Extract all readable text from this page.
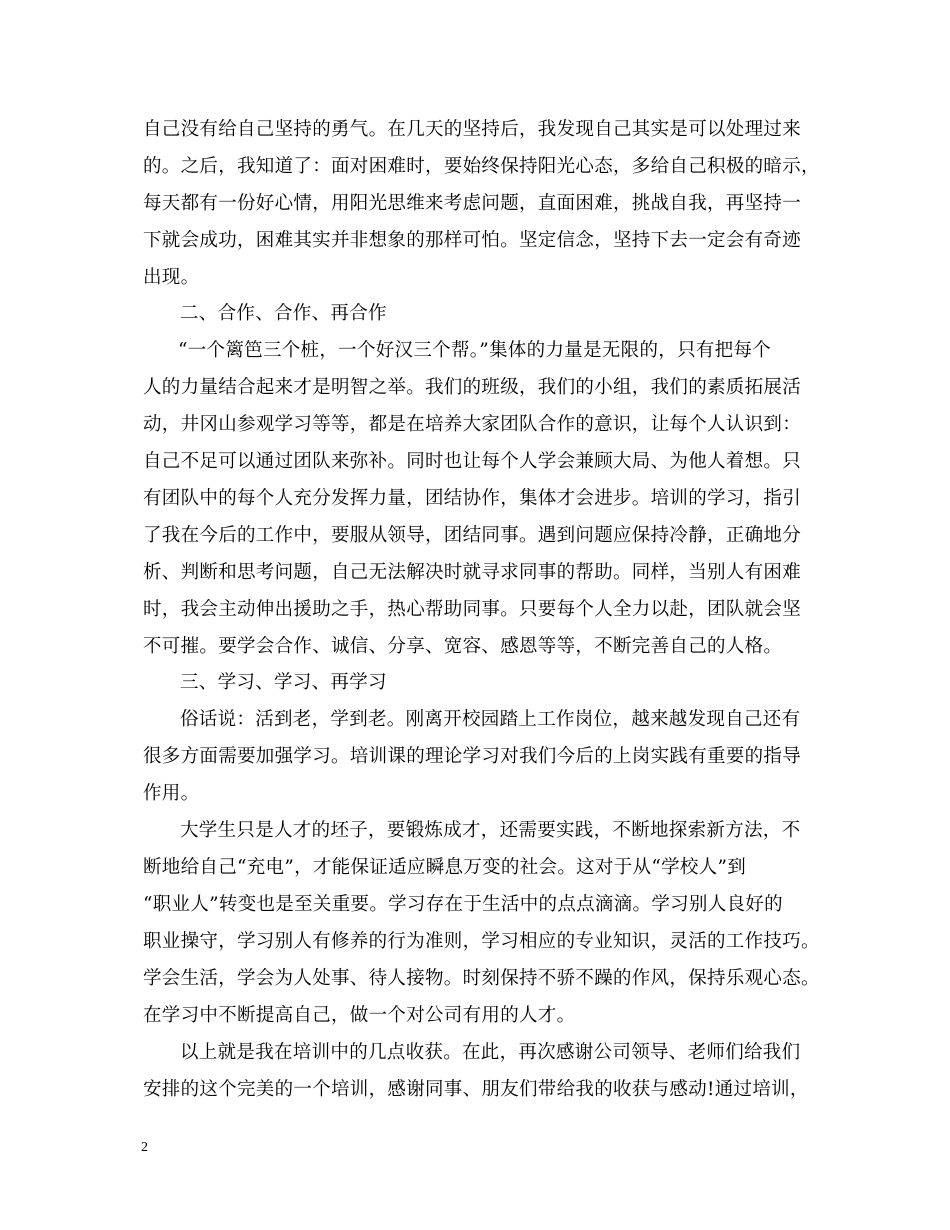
自己没有给自己坚持的勇气。在几天的坚持后，我发现自己其实是可以处理过来
的。之后，我知道了：面对困难时，要始终保持阳光心态，多给自己积极的暗示，
每天都有一份好心情，用阳光思维来考虑问题，直面困难，挑战自我，再坚持一
下就会成功，困难其实并非想象的那样可怕。坚定信念，坚持下去一定会有奇迹
出现。
二、合作、合作、再合作
“一个篱笆三个桩，一个好汉三个帮。”集体的力量是无限的，只有把每个
人的力量结合起来才是明智之举。我们的班级，我们的小组，我们的素质拓展活
动，井冈山参观学习等等，都是在培养大家团队合作的意识，让每个人认识到：
自己不足可以通过团队来弥补。同时也让每个人学会兼顾大局、为他人着想。只
有团队中的每个人充分发挥力量，团结协作，集体才会进步。培训的学习，指引
了我在今后的工作中，要服从领导，团结同事。遇到问题应保持冷静，正确地分
析、判断和思考问题，自己无法解决时就寻求同事的帮助。同样，当别人有困难
时，我会主动伸出援助之手，热心帮助同事。只要每个人全力以赴，团队就会坚
不可摧。要学会合作、诚信、分享、宽容、感恩等等，不断完善自己的人格。
三、学习、学习、再学习
俗话说：活到老，学到老。刚离开校园踏上工作岗位，越来越发现自己还有
很多方面需要加强学习。培训课的理论学习对我们今后的上岗实践有重要的指导
作用。
大学生只是人才的坯子，要锻炼成才，还需要实践，不断地探索新方法，不
断地给自己“充电”，才能保证适应瞬息万变的社会。这对于从“学校人”到
“职业人”转变也是至关重要。学习存在于生活中的点点滴滴。学习别人良好的
职业操守，学习别人有修养的行为准则，学习相应的专业知识，灵活的工作技巧。
学会生活，学会为人处事、待人接物。时刻保持不骄不躁的作风，保持乐观心态。
在学习中不断提高自己，做一个对公司有用的人才。
以上就是我在培训中的几点收获。在此，再次感谢公司领导、老师们给我们
安排的这个完美的一个培训，感谢同事、朋友们带给我的收获与感动!通过培训，
2
